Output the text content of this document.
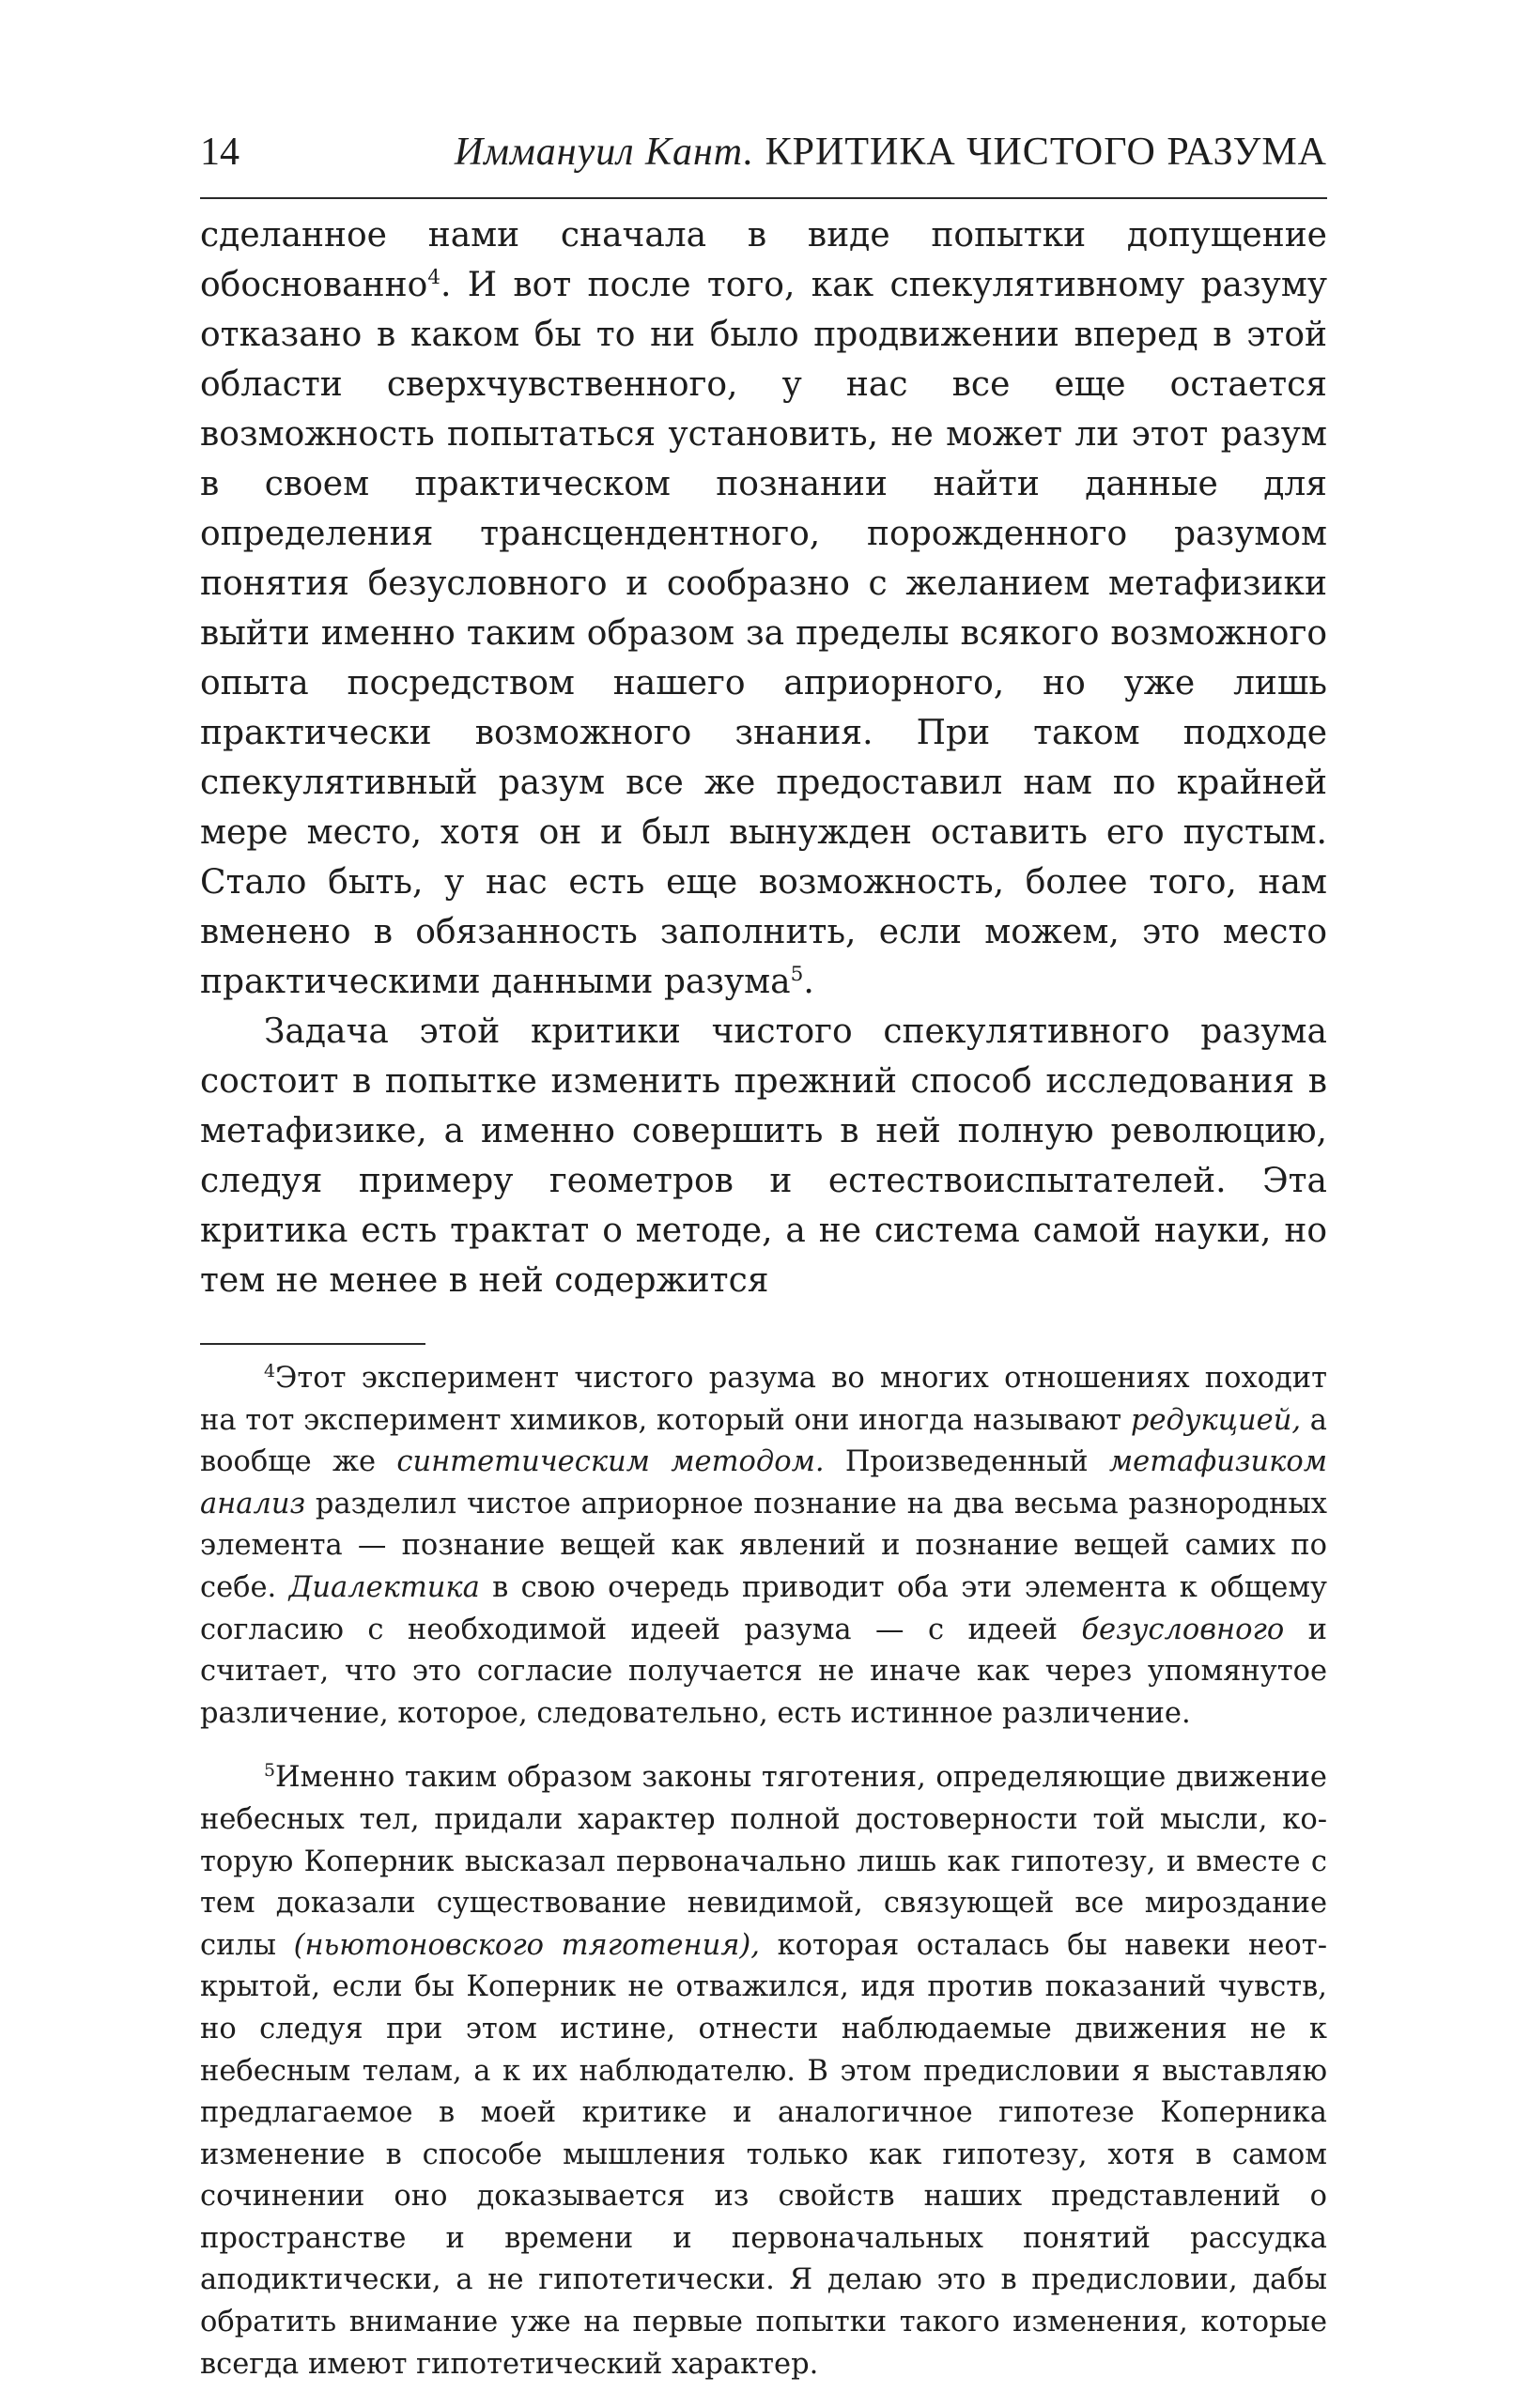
14	Иммануил Кант. КРИТИКА ЧИСТОГО РАЗУМА

сделанное нами сначала в виде попытки допущение обоснованно$^4$. И вот после того, как спекулятивному разуму отказано в каком бы то ни было продвижении вперед в этой области сверхчувственного, у нас все еще остается возможность попытаться установить, не может ли этот разум в своем практическом познании найти данные для определения трансцендентного, порожденного разумом понятия безусловного и сообразно с желанием метафизики выйти именно таким образом за пределы всякого возможного опыта посредством нашего априорного, но уже лишь практически возможного знания. При таком подходе спекулятивный разум все же предоставил нам по крайней мере место, хотя он и был вынужден оставить его пустым. Стало быть, у нас есть еще возможность, более того, нам вменено в обязанность заполнить, если можем, это место практическими данными разума$^5$.

Задача этой критики чистого спекулятивного разума состоит в попытке изменить прежний способ исследования в метафизике, а именно совершить в ней полную революцию, следуя примеру геометров и естествоиспытателей. Эта критика есть трактат о методе, а не система самой науки, но тем не менее в ней содержится

$^4$Этот эксперимент чистого разума во многих отношениях походит на тот эксперимент химиков, который они иногда называют редукцией, а вообще же синтетическим методом. Произведенный метафизиком анализ разделил чистое априорное познание на два весьма разнородных элемента — познание вещей как явлений и познание вещей самих по себе. Диалектика в свою очередь приводит оба эти элемента к общему согласию с необходимой идеей разума — с идеей безусловного и считает, что это согласие получается не иначе как через упомянутое различение, которое, следовательно, есть истинное различение.

$^5$Именно таким образом законы тяготения, определяющие движение небесных тел, придали характер полной достоверности той мысли, которую Коперник высказал первоначально лишь как гипотезу, и вместе с тем доказали существование невидимой, связующей все мироздание силы (ньютоновского тяготения), которая осталась бы навеки неоткрытой, если бы Коперник не отважился, идя против показаний чувств, но следуя при этом истине, отнести наблюдаемые движения не к небесным телам, а к их наблюдателю. В этом предисловии я выставляю предлагаемое в моей критике и аналогичное гипотезе Коперника изменение в способе мышления только как гипотезу, хотя в самом сочинении оно доказывается из свойств наших представлений о пространстве и времени и первоначальных понятий рассудка аподиктически, а не гипотетически. Я делаю это в предисловии, дабы обратить внимание уже на первые попытки такого изменения, которые всегда имеют гипотетический характер.
